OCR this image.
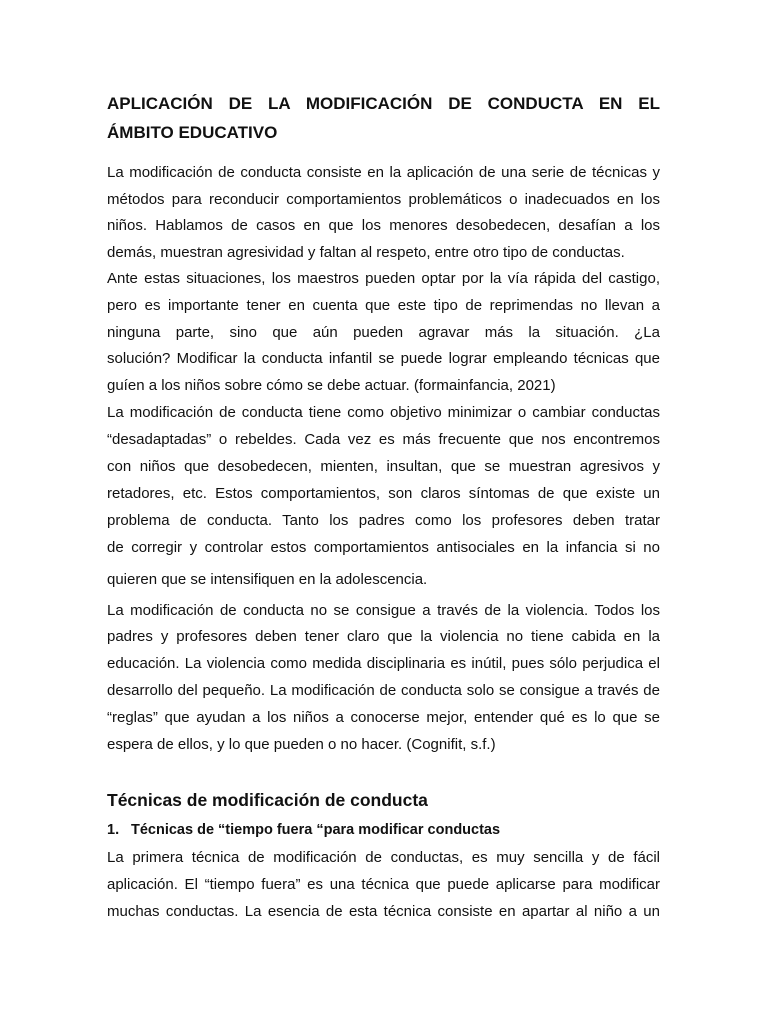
APLICACIÓN DE LA MODIFICACIÓN DE CONDUCTA EN EL
ÁMBITO EDUCATIVO
La modificación de conducta consiste en la aplicación de una serie de técnicas y
métodos para reconducir comportamientos problemáticos o inadecuados en los
niños. Hablamos de casos en que los menores desobedecen, desafían a los
demás, muestran agresividad y faltan al respeto, entre otro tipo de conductas.
Ante estas situaciones, los maestros pueden optar por la vía rápida del castigo,
pero es importante tener en cuenta que este tipo de reprimendas no llevan a
ninguna parte, sino que aún pueden agravar más la situación. ¿La
solución? Modificar la conducta infantil se puede lograr empleando técnicas que
guíen a los niños sobre cómo se debe actuar. (formainfancia, 2021)
La modificación de conducta tiene como objetivo minimizar o cambiar conductas
“desadaptadas” o rebeldes. Cada vez es más frecuente que nos encontremos
con niños que desobedecen, mienten, insultan, que se muestran agresivos y
retadores, etc. Estos comportamientos, son claros síntomas de que existe un
problema de conducta. Tanto los padres como los profesores deben tratar
de corregir y controlar estos comportamientos antisociales en la infancia si no
quieren que se intensifiquen en la adolescencia.
La modificación de conducta no se consigue a través de la violencia. Todos los
padres y profesores deben tener claro que la violencia no tiene cabida en la
educación. La violencia como medida disciplinaria es inútil, pues sólo perjudica el
desarrollo del pequeño. La modificación de conducta solo se consigue a través de
“reglas” que ayudan a los niños a conocerse mejor, entender qué es lo que se
espera de ellos, y lo que pueden o no hacer. (Cognifit, s.f.)
Técnicas de modificación de conducta
1. Técnicas de “tiempo fuera “para modificar conductas
La primera técnica de modificación de conductas, es muy sencilla y de fácil
aplicación. El “tiempo fuera” es una técnica que puede aplicarse para modificar
muchas conductas. La esencia de esta técnica consiste en apartar al niño a un
